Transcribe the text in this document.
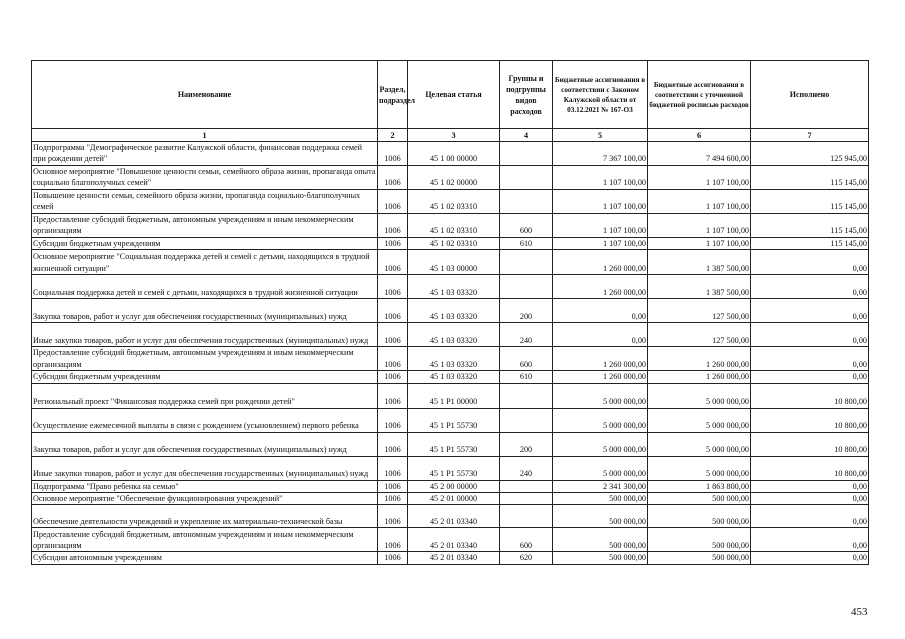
Наименование	Раздел, подраздел	Целевая статья	Группы и подгруппы видов расходов	Бюджетные ассигнования в соответствии с Законом Калужской области от 03.12.2021 № 167-ОЗ	Бюджетные ассигнования в соответствии с уточненной бюджетной росписью расходов	Исполнено
1	2	3	4	5	6	7
Подпрограмма "Демографическое развитие Калужской области, финансовая поддержка семей при рождении детей"	1006	45 1 00 00000		7 367 100,00	7 494 600,00	125 945,00
Основное мероприятие "Повышение ценности семьи, семейного образа жизни, пропаганда опыта социально благополучных семей"	1006	45 1 02 00000		1 107 100,00	1 107 100,00	115 145,00
Повышение ценности семьи, семейного образа жизни, пропаганда социально-благополучных семей	1006	45 1 02 03310		1 107 100,00	1 107 100,00	115 145,00
Предоставление субсидий бюджетным, автономным учреждениям и иным некоммерческим организациям	1006	45 1 02 03310	600	1 107 100,00	1 107 100,00	115 145,00
Субсидии бюджетным учреждениям	1006	45 1 02 03310	610	1 107 100,00	1 107 100,00	115 145,00
Основное мероприятие "Социальная поддержка детей и семей с детьми, находящихся в трудной жизненной ситуации"	1006	45 1 03 00000		1 260 000,00	1 387 500,00	0,00
Социальная поддержка детей и семей с детьми, находящихся в трудной жизненной ситуации	1006	45 1 03 03320		1 260 000,00	1 387 500,00	0,00
Закупка товаров, работ и услуг для обеспечения государственных (муниципальных) нужд	1006	45 1 03 03320	200	0,00	127 500,00	0,00
Иные закупки товаров, работ и услуг для обеспечения государственных (муниципальных) нужд	1006	45 1 03 03320	240	0,00	127 500,00	0,00
Предоставление субсидий бюджетным, автономным учреждениям и иным некоммерческим организациям	1006	45 1 03 03320	600	1 260 000,00	1 260 000,00	0,00
Субсидии бюджетным учреждениям	1006	45 1 03 03320	610	1 260 000,00	1 260 000,00	0,00
Региональный проект "Финансовая поддержка семей при рождении детей"	1006	45 1 P1 00000		5 000 000,00	5 000 000,00	10 800,00
Осуществление ежемесячной выплаты в связи с рождением (усыновлением) первого ребенка	1006	45 1 P1 55730		5 000 000,00	5 000 000,00	10 800,00
Закупка товаров, работ и услуг для обеспечения государственных (муниципальных) нужд	1006	45 1 P1 55730	200	5 000 000,00	5 000 000,00	10 800,00
Иные закупки товаров, работ и услуг для обеспечения государственных (муниципальных) нужд	1006	45 1 P1 55730	240	5 000 000,00	5 000 000,00	10 800,00
Подпрограмма "Право ребенка на семью"	1006	45 2 00 00000		2 341 300,00	1 863 800,00	0,00
Основное мероприятие "Обеспечение функционирования учреждений"	1006	45 2 01 00000		500 000,00	500 000,00	0,00
Обеспечение деятельности учреждений и укрепление их материально-технической базы	1006	45 2 01 03340		500 000,00	500 000,00	0,00
Предоставление субсидий бюджетным, автономным учреждениям и иным некоммерческим организациям	1006	45 2 01 03340	600	500 000,00	500 000,00	0,00
Субсидии автономным учреждениям	1006	45 2 01 03340	620	500 000,00	500 000,00	0,00
453
